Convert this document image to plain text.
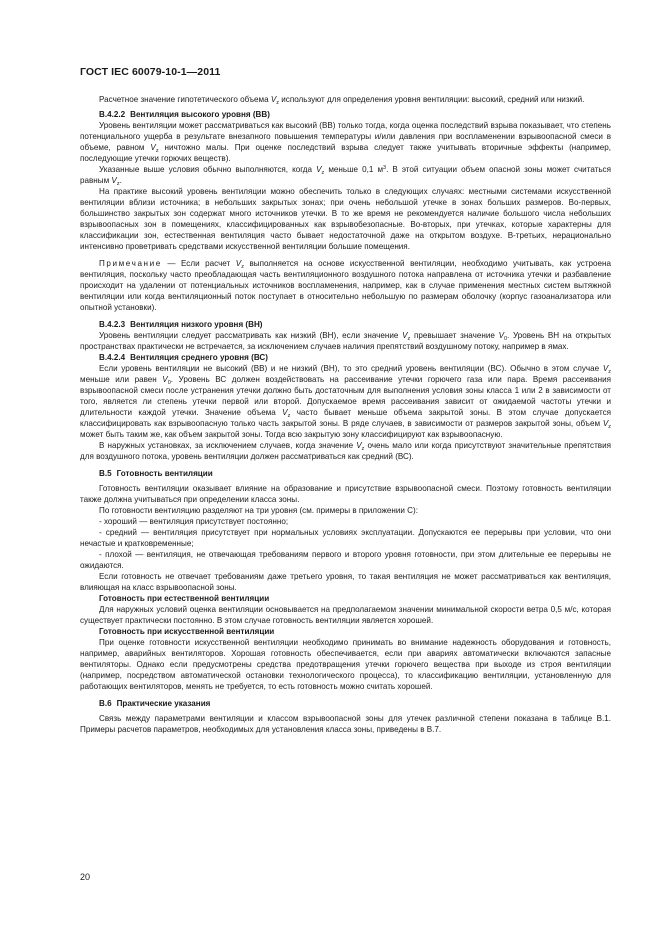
ГОСТ IEC 60079-10-1—2011

Расчетное значение гипотетического объема $V_z$ используют для определения уровня вентиляции: высокий, средний или низкий.

В.4.2.2 Вентиляция высокого уровня (ВВ)

Уровень вентиляции может рассматриваться как высокий (ВВ) только тогда, когда оценка последствий взрыва показывает, что степень потенциального ущерба в результате внезапного повышения температуры и/или давления при воспламенении взрывоопасной смеси в объеме, равном $V_z$ ничтожно малы. При оценке последствий взрыва следует также учитывать вторичные эффекты (например, последующие утечки горючих веществ).

Указанные выше условия обычно выполняются, когда $V_z$ меньше 0,1 $м^3$. В этой ситуации объем опасной зоны может считаться равным $V_z$.

На практике высокий уровень вентиляции можно обеспечить только в следующих случаях: местными системами искусственной вентиляции вблизи источника; в небольших закрытых зонах; при очень небольшой утечке в зонах больших размеров. Во-первых, большинство закрытых зон содержат много источников утечки. В то же время не рекомендуется наличие большого числа небольших взрывоопасных зон в помещениях, классифицированных как взрывобезопасные. Во-вторых, при утечках, которые характерны для классификации зон, естественная вентиляция часто бывает недостаточной даже на открытом воздухе. В-третьих, нерационально интенсивно проветривать средствами искусственной вентиляции большие помещения.

Примечание — Если расчет $V_z$ выполняется на основе искусственной вентиляции, необходимо учитывать, как устроена вентиляция, поскольку часто преобладающая часть вентиляционного воздушного потока направлена от источника утечки и разбавление происходит на удалении от потенциальных источников воспламенения, например, как в случае применения местных систем вытяжной вентиляции или когда вентиляционный поток поступает в относительно небольшую по размерам оболочку (корпус газоанализатора или опытной установки).

В.4.2.3 Вентиляция низкого уровня (ВН)

Уровень вентиляции следует рассматривать как низкий (ВН), если значение $V_z$ превышает значение $V_0$. Уровень ВН на открытых пространствах практически не встречается, за исключением случаев наличия препятствий воздушному потоку, например в ямах.

В.4.2.4 Вентиляция среднего уровня (ВС)

Если уровень вентиляции не высокий (ВВ) и не низкий (ВН), то это средний уровень вентиляции (ВС). Обычно в этом случае $V_z$ меньше или равен $V_0$. Уровень ВС должен воздействовать на рассеивание утечки горючего газа или пара. Время рассеивания взрывоопасной смеси после устранения утечки должно быть достаточным для выполнения условия зоны класса 1 или 2 в зависимости от того, является ли степень утечки первой или второй. Допускаемое время рассеивания зависит от ожидаемой частоты утечки и длительности каждой утечки. Значение объема $V_z$ часто бывает меньше объема закрытой зоны. В этом случае допускается классифицировать как взрывоопасную только часть закрытой зоны. В ряде случаев, в зависимости от размеров закрытой зоны, объем $V_z$ может быть таким же, как объем закрытой зоны. Тогда всю закрытую зону классифицируют как взрывоопасную.

В наружных установках, за исключением случаев, когда значение $V_z$ очень мало или когда присутствуют значительные препятствия для воздушного потока, уровень вентиляции должен рассматриваться как средний (ВС).

В.5 Готовность вентиляции

Готовность вентиляции оказывает влияние на образование и присутствие взрывоопасной смеси. Поэтому готовность вентиляции также должна учитываться при определении класса зоны.

По готовности вентиляцию разделяют на три уровня (см. примеры в приложении С):

- хороший — вентиляция присутствует постоянно;

- средний — вентиляция присутствует при нормальных условиях эксплуатации. Допускаются ее перерывы при условии, что они нечастые и кратковременные;

- плохой — вентиляция, не отвечающая требованиям первого и второго уровня готовности, при этом длительные ее перерывы не ожидаются.

Если готовность не отвечает требованиям даже третьего уровня, то такая вентиляция не может рассматриваться как вентиляция, влияющая на класс взрывоопасной зоны.

Готовность при естественной вентиляции

Для наружных условий оценка вентиляции основывается на предполагаемом значении минимальной скорости ветра 0,5 м/с, которая существует практически постоянно. В этом случае готовность вентиляции является хорошей.

Готовность при искусственной вентиляции

При оценке готовности искусственной вентиляции необходимо принимать во внимание надежность оборудования и готовность, например, аварийных вентиляторов. Хорошая готовность обеспечивается, если при авариях автоматически включаются запасные вентиляторы. Однако если предусмотрены средства предотвращения утечки горючего вещества при выходе из строя вентиляции (например, посредством автоматической остановки технологического процесса), то классификацию вентиляции, установленную для работающих вентиляторов, менять не требуется, то есть готовность можно считать хорошей.

В.6 Практические указания

Связь между параметрами вентиляции и классом взрывоопасной зоны для утечек различной степени показана в таблице В.1. Примеры расчетов параметров, необходимых для установления класса зоны, приведены в В.7.

20
